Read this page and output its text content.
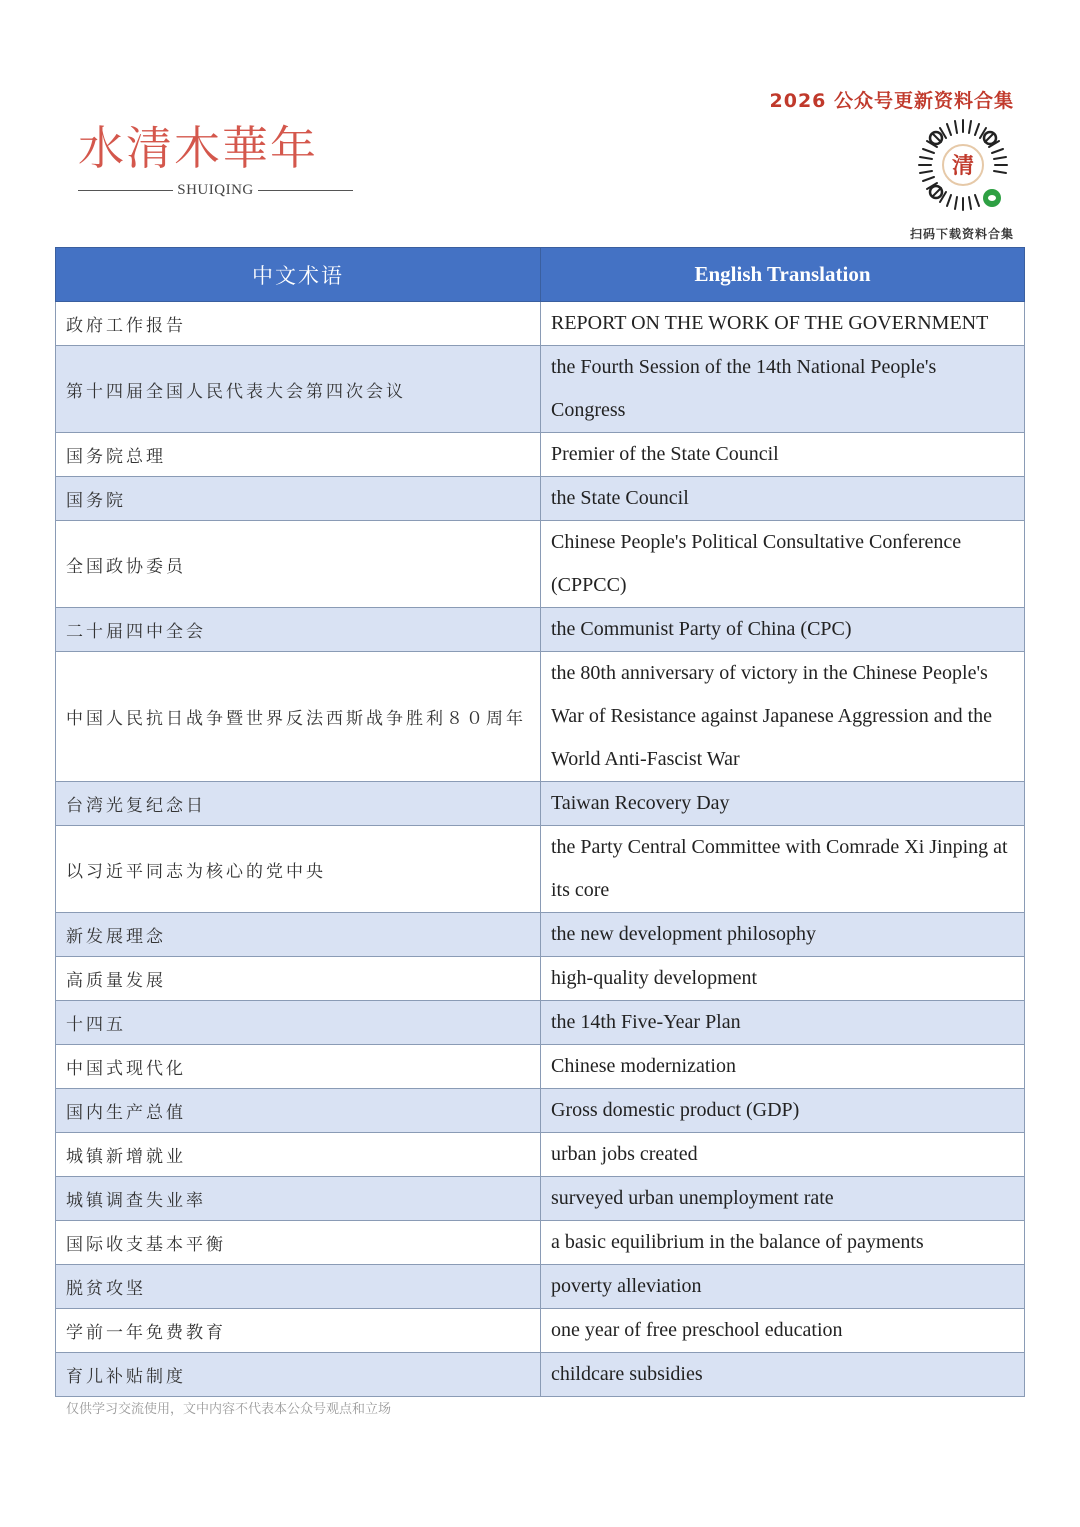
水清木華年

SHUIQING
2026 公众号更新资料合集
清
扫码下载资料合集
中文术语	English Translation
政府工作报告	REPORT ON THE WORK OF THE GOVERNMENT
第十四届全国人民代表大会第四次会议	the Fourth Session of the 14th National People's Congress
国务院总理	Premier of the State Council
国务院	the State Council
全国政协委员	Chinese People's Political Consultative Conference (CPPCC)
二十届四中全会	the Communist Party of China (CPC)
中国人民抗日战争暨世界反法西斯战争胜利８０周年	the 80th anniversary of victory in the Chinese People's War of Resistance against Japanese Aggression and the World Anti-Fascist War
台湾光复纪念日	Taiwan Recovery Day
以习近平同志为核心的党中央	the Party Central Committee with Comrade Xi Jinping at its core
新发展理念	the new development philosophy
高质量发展	high-quality development
十四五	the 14th Five-Year Plan
中国式现代化	Chinese modernization
国内生产总值	Gross domestic product (GDP)
城镇新增就业	urban jobs created
城镇调查失业率	surveyed urban unemployment rate
国际收支基本平衡	a basic equilibrium in the balance of payments
脱贫攻坚	poverty alleviation
学前一年免费教育	one year of free preschool education
育儿补贴制度	childcare subsidies
仅供学习交流使用，文中内容不代表本公众号观点和立场
